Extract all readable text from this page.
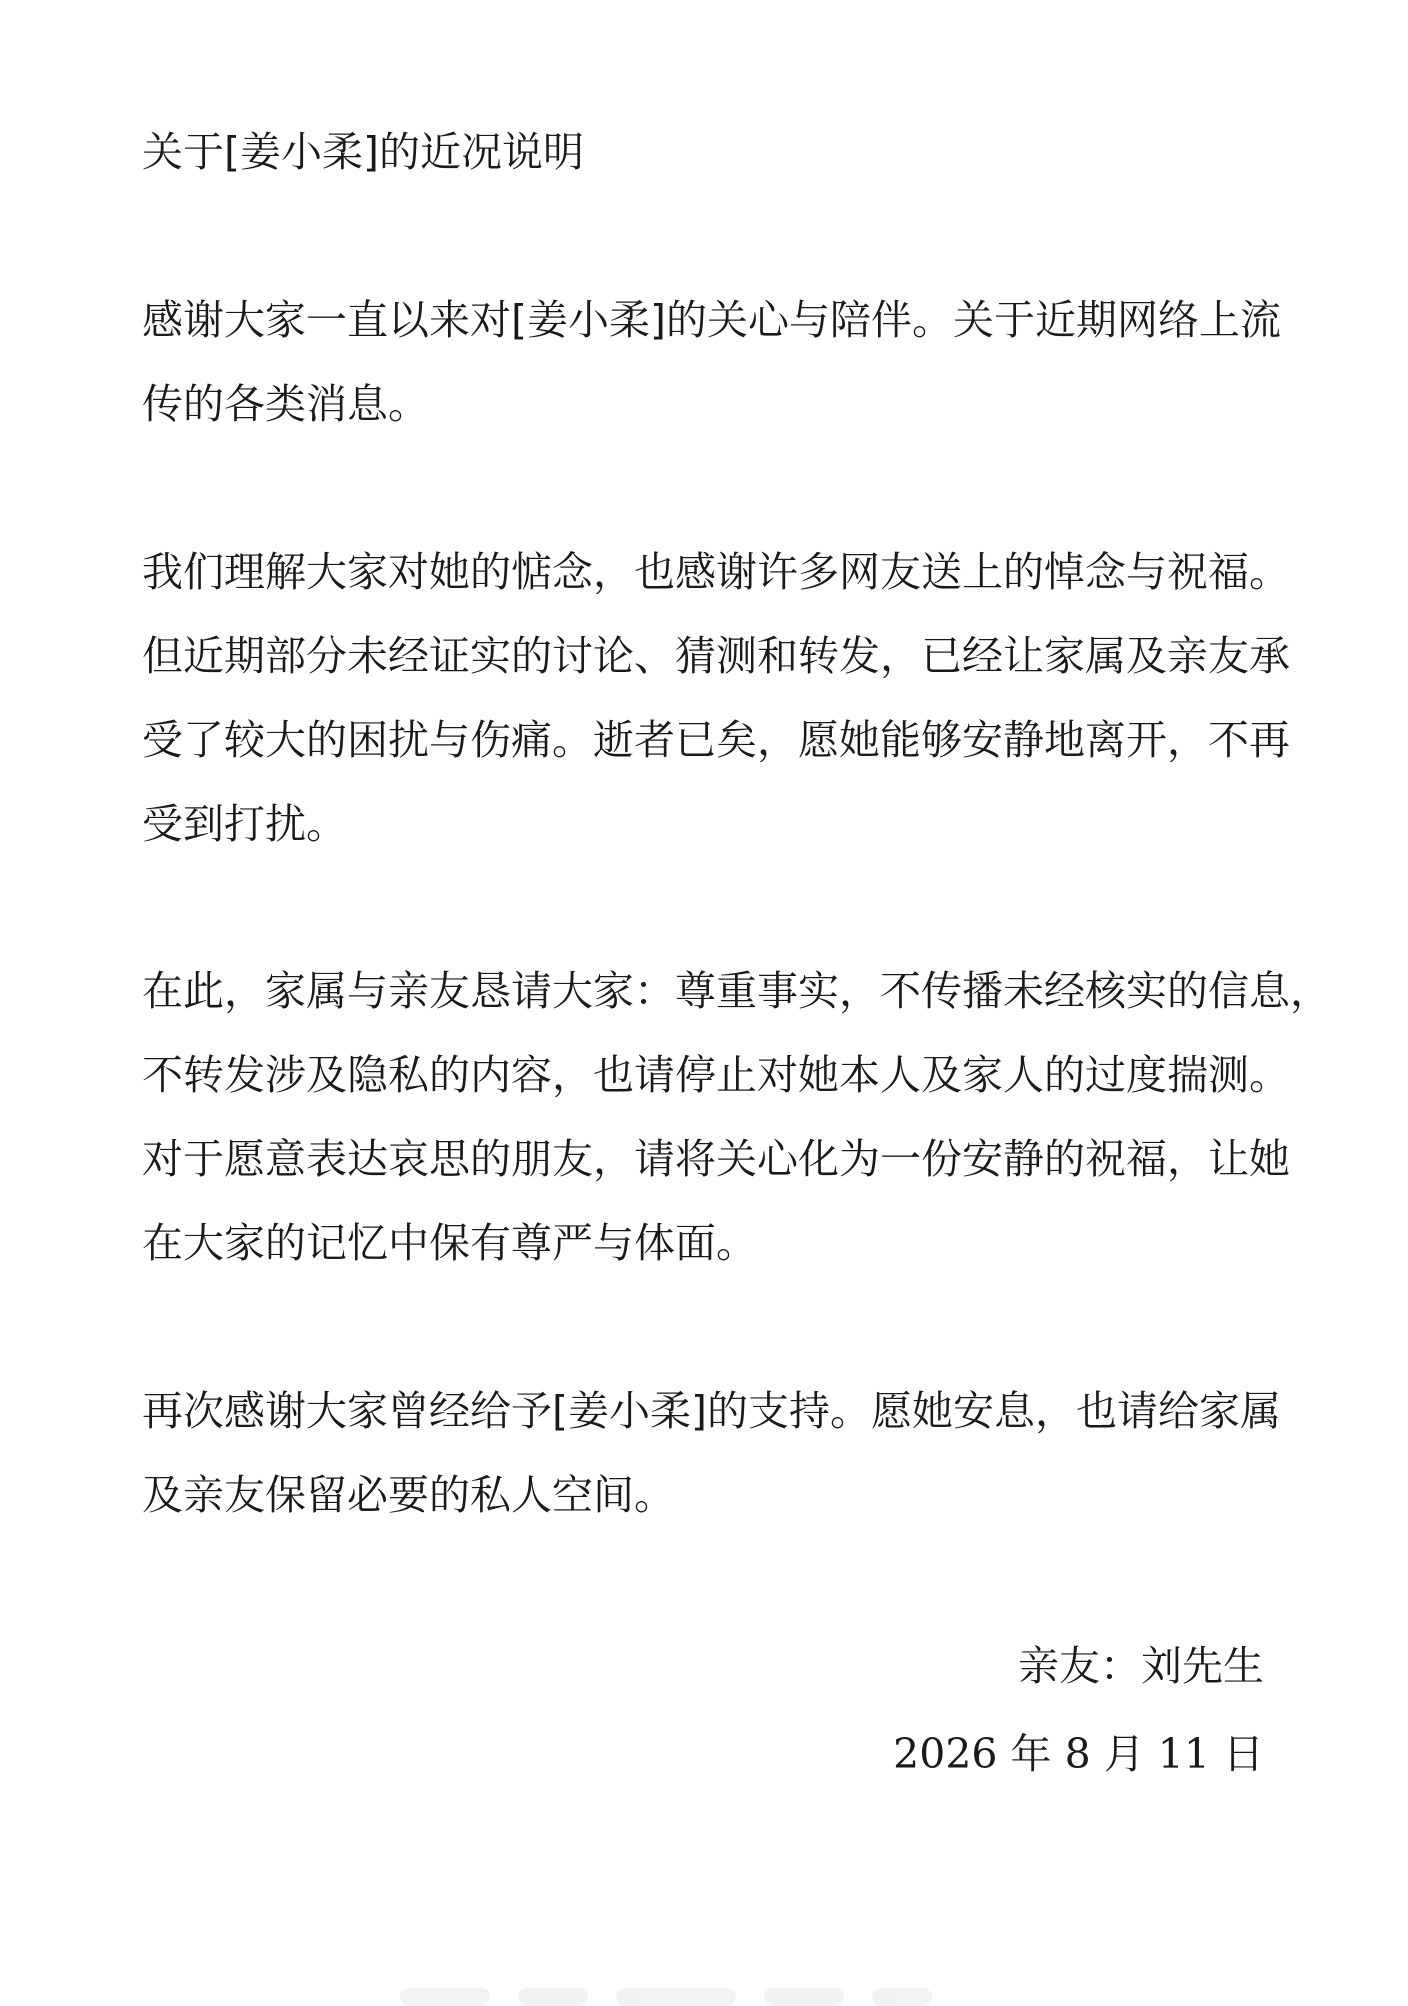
关于[姜小柔]的近况说明
感谢大家一直以来对[姜小柔]的关心与陪伴。关于近期网络上流
传的各类消息。
我们理解大家对她的惦念，也感谢许多网友送上的悼念与祝福。
但近期部分未经证实的讨论、猜测和转发，已经让家属及亲友承
受了较大的困扰与伤痛。逝者已矣，愿她能够安静地离开，不再
受到打扰。
在此，家属与亲友恳请大家：尊重事实，不传播未经核实的信息，
不转发涉及隐私的内容，也请停止对她本人及家人的过度揣测。
对于愿意表达哀思的朋友，请将关心化为一份安静的祝福，让她
在大家的记忆中保有尊严与体面。
再次感谢大家曾经给予[姜小柔]的支持。愿她安息，也请给家属
及亲友保留必要的私人空间。
亲友：刘先生
2026 年 8 月 11 日
